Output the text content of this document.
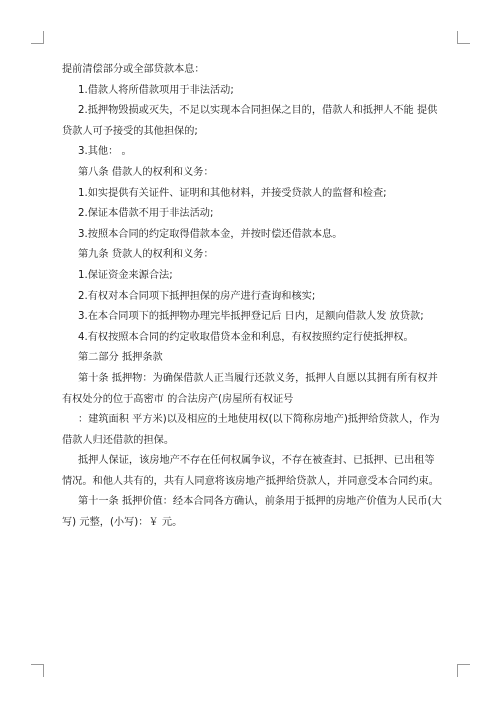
提前清偿部分或全部贷款本息：

1.借款人将所借款项用于非法活动;

2.抵押物毁损或灭失，不足以实现本合同担保之目的，借款人和抵押人不能 提供贷款人可予接受的其他担保的;

3.其他： 。

第八条 借款人的权利和义务：

1.如实提供有关证件、证明和其他材料，并接受贷款人的监督和检查;

2.保证本借款不用于非法活动;

3.按照本合同的约定取得借款本金，并按时偿还借款本息。

第九条 贷款人的权利和义务：

1.保证资金来源合法;

2.有权对本合同项下抵押担保的房产进行查询和核实;

3.在本合同项下的抵押物办理完毕抵押登记后 日内，足额向借款人发 放贷款;

4.有权按照本合同的约定收取借贷本金和利息，有权按照约定行使抵押权。

第二部分 抵押条款

第十条 抵押物：为确保借款人正当履行还款义务，抵押人自愿以其拥有所有权并有权处分的位于高密市 的合法房产(房屋所有权证号

：建筑面积 平方米)以及相应的土地使用权(以下简称房地产)抵押给贷款人，作为借款人归还借款的担保。

抵押人保证，该房地产不存在任何权属争议，不存在被查封、已抵押、已出租等情况。和他人共有的，共有人同意将该房地产抵押给贷款人，并同意受本合同约束。

第十一条 抵押价值：经本合同各方确认，前条用于抵押的房地产价值为人民币(大写) 元整，(小写)：￥ 元。
